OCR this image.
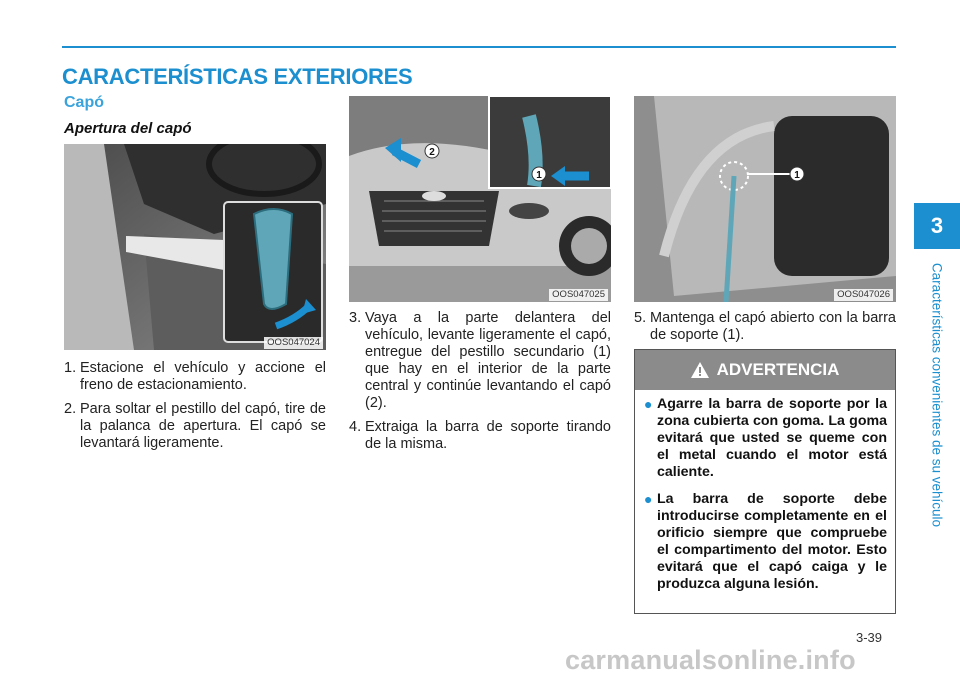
CARACTERÍSTICAS EXTERIORES
Capó
Apertura del capó
OOS047024
2
1
OOS047025
1
OOS047026
1. Estacione el vehículo y accione el freno de estacionamiento.
2. Para soltar el pestillo del capó, tire de la palanca de apertura. El capó se levantará ligeramente.
3. Vaya a la parte delantera del vehículo, levante ligeramente el capó, entregue del pestillo secundario (1) que hay en el interior de la parte central y continúe levantando el capó (2).
4. Extraiga la barra de soporte tirando de la misma.
5. Mantenga el capó abierto con la barra de soporte (1).
ADVERTENCIA
● Agarre la barra de soporte por la zona cubierta con goma. La goma evitará que usted se queme con el metal cuando el motor está caliente.
● La barra de soporte debe introducirse completamente en el orificio siempre que compruebe el compartimento del motor. Esto evitará que el capó caiga y le produzca alguna lesión.
3
Características convenientes de su vehículo
3-39
carmanualsonline.info
